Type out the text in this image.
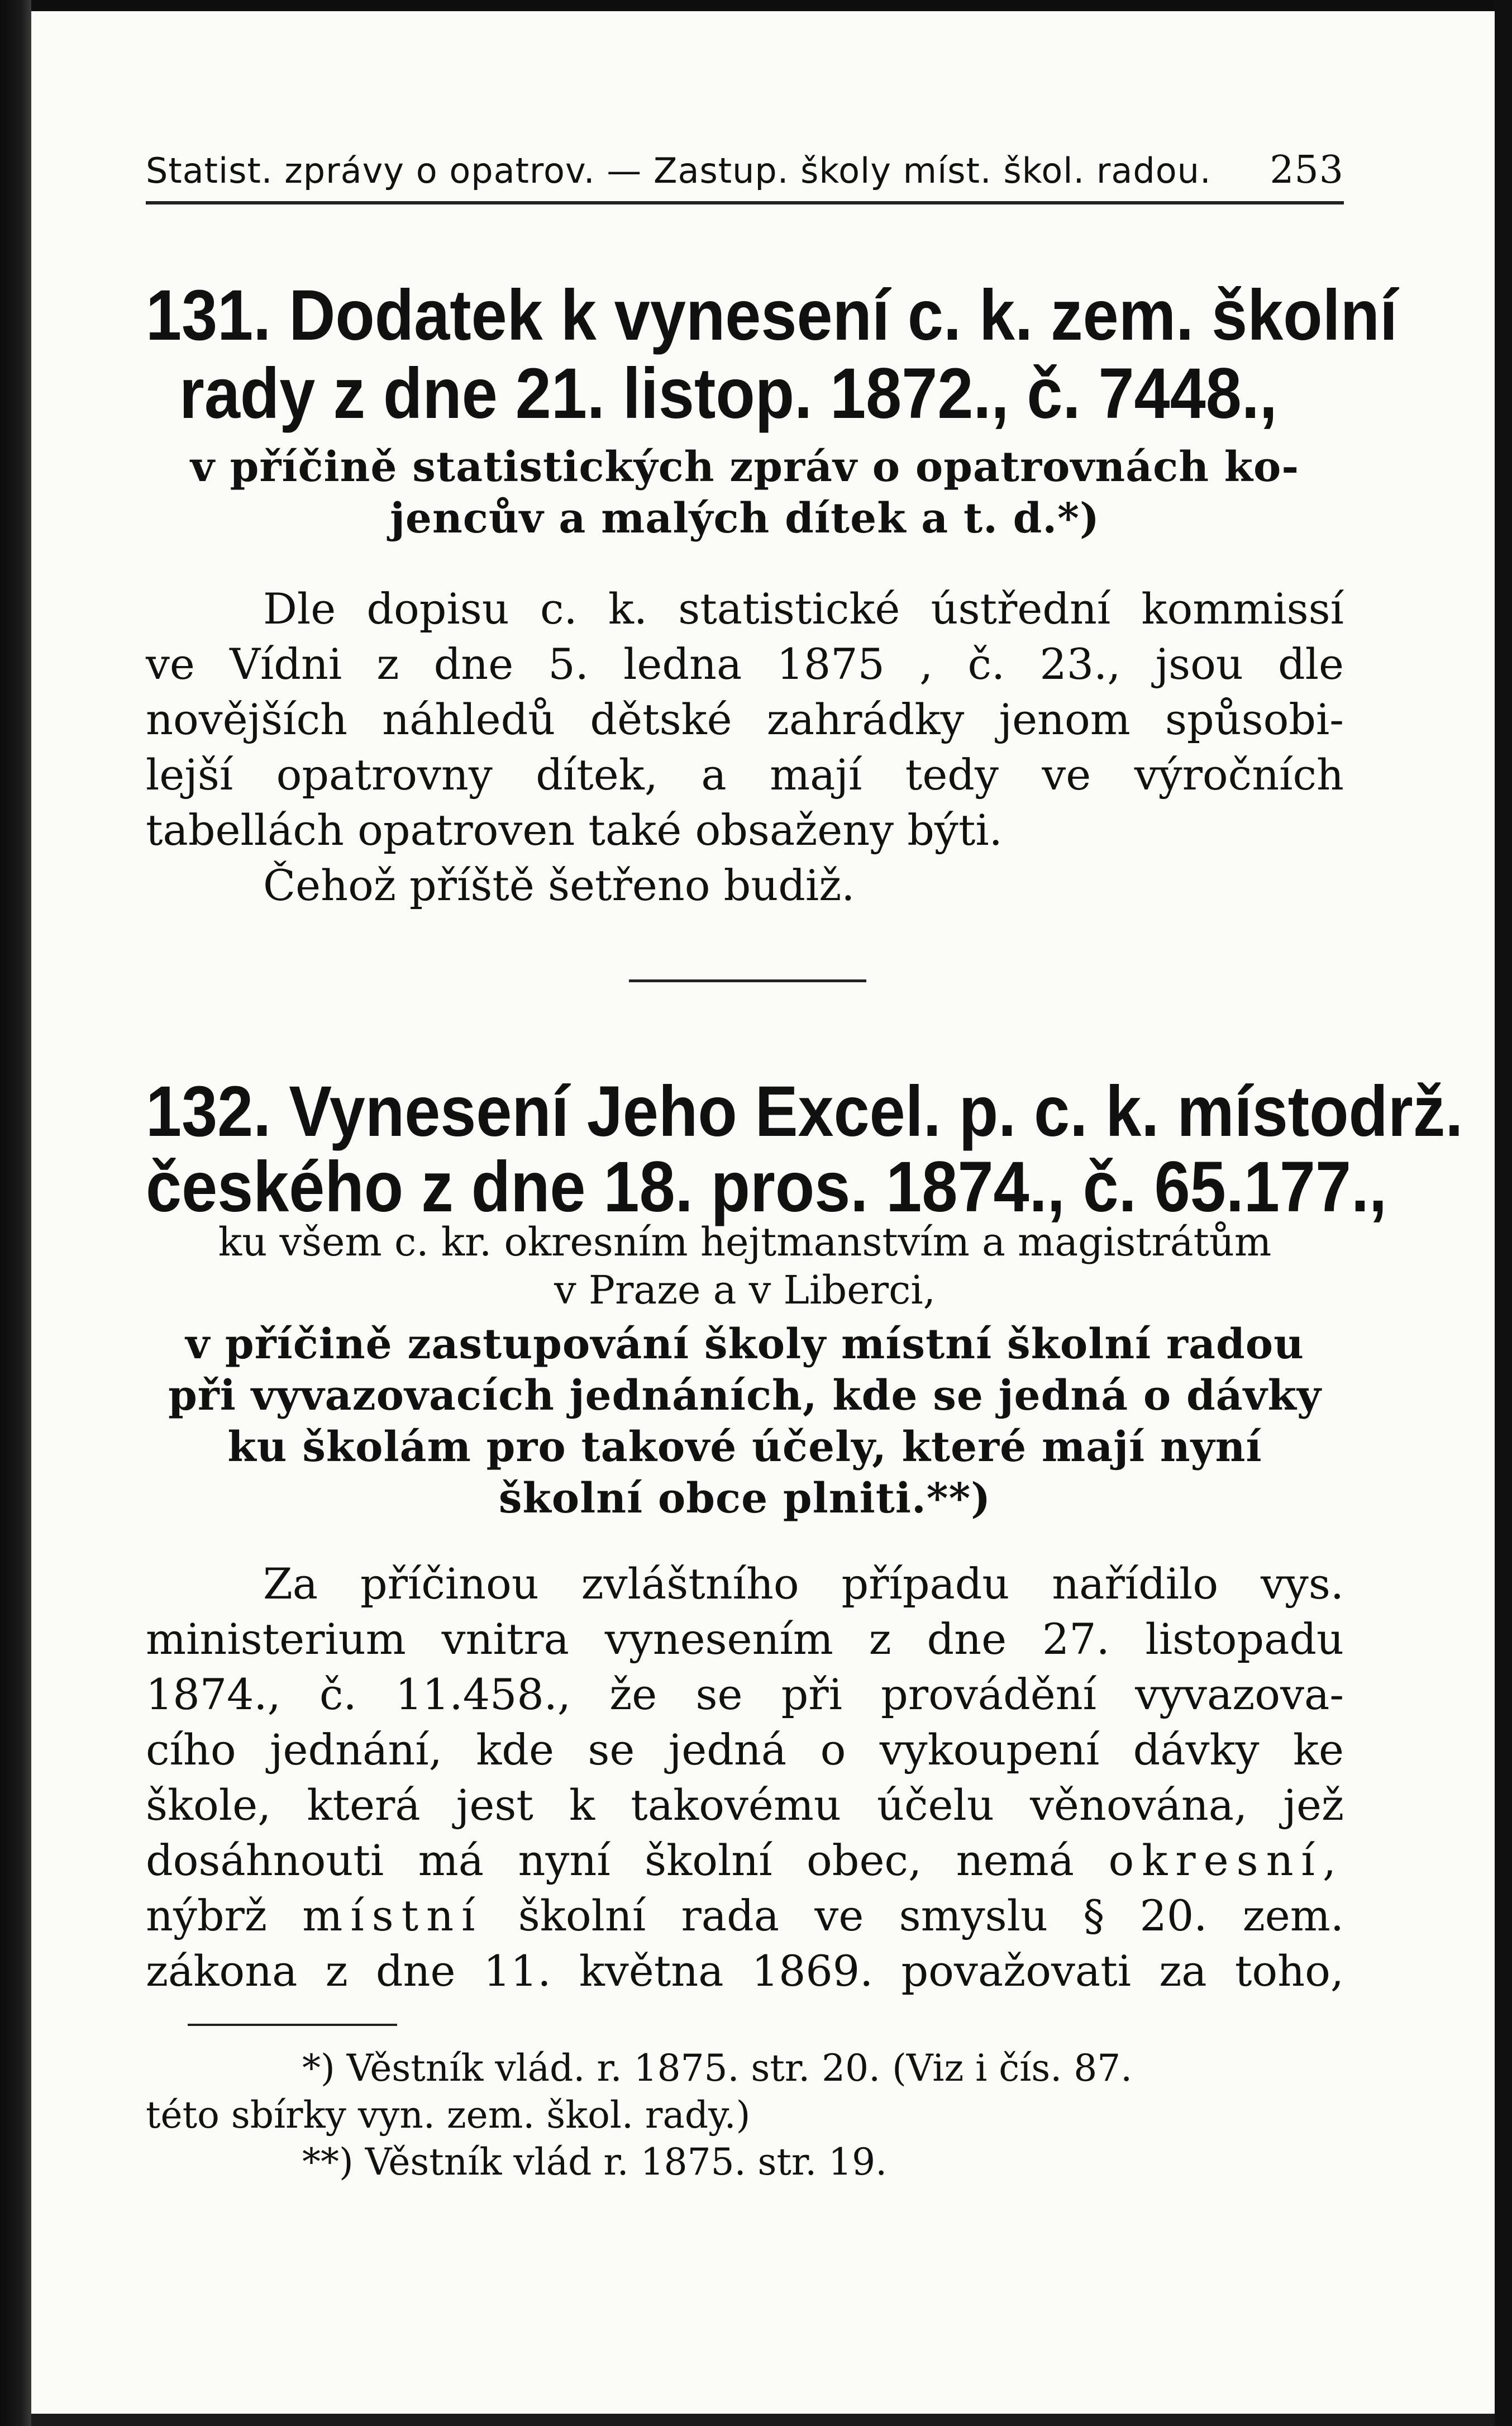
Statist. zprávy o opatrov. — Zastup. školy míst. škol. radou. 253
131. Dodatek k vynesení c. k. zem. školní
rady z dne 21. listop. 1872., č. 7448.,
v příčině statistických zpráv o opatrovnách ko-
jencův a malých dítek a t. d.*)
Dle dopisu c. k. statistické ústřední kommissí
ve Vídni z dne 5. ledna 1875 , č. 23., jsou dle
novějších náhledů dětské zahrádky jenom spůsobi-
lejší opatrovny dítek, a mají tedy ve výročních
tabellách opatroven také obsaženy býti.
Čehož příště šetřeno budiž.
132. Vynesení Jeho Excel. p. c. k. místodrž.
českého z dne 18. pros. 1874., č. 65.177.,
ku všem c. kr. okresním hejtmanstvím a magistrátům
v Praze a v Liberci,
v příčině zastupování školy místní školní radou
při vyvazovacích jednáních, kde se jedná o dávky
ku školám pro takové účely, které mají nyní
školní obce plniti.**)
Za příčinou zvláštního případu nařídilo vys.
ministerium vnitra vynesením z dne 27. listopadu
1874., č. 11.458., že se při provádění vyvazova-
cího jednání, kde se jedná o vykoupení dávky ke
škole, která jest k takovému účelu věnována, jež
dosáhnouti má nyní školní obec, nemá okresní,
nýbrž místní školní rada ve smyslu § 20. zem.
zákona z dne 11. května 1869. považovati za toho,
*) Věstník vlád. r. 1875. str. 20. (Viz i čís. 87.
této sbírky vyn. zem. škol. rady.)
**) Věstník vlád r. 1875. str. 19.
